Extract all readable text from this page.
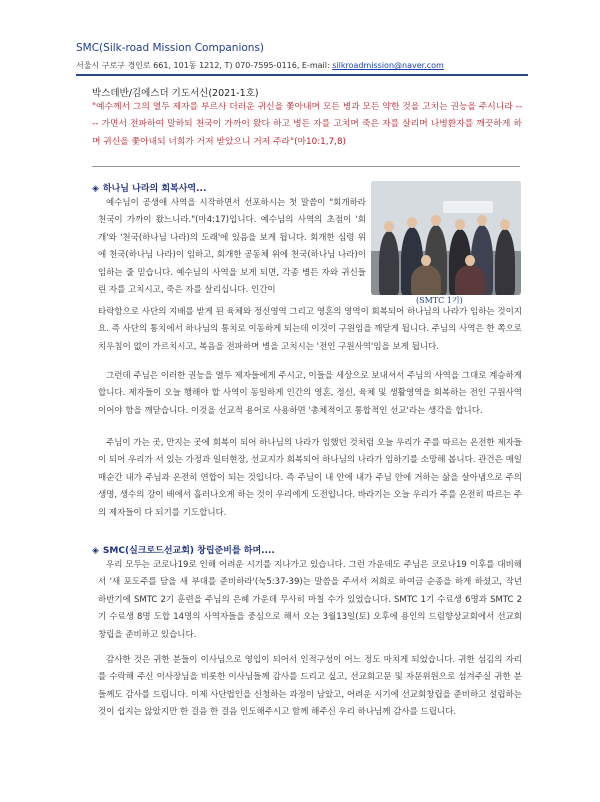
SMC(Silk-road Mission Companions)
서울시 구로구 경인로 661, 101동 1212, T) 070-7595-0116, E-mail: silkroadmission@naver.com
박스데반/김에스더 기도서신(2021-1호)

"예수께서 그의 열두 제자를 부르사 더러운 귀신을 쫓아내며 모든 병과 모든 약한 것을 고치는 권능을 주시니라 ---- 가면서 전파하여 말하되 천국이 가까이 왔다 하고 병든 자를 고치며 죽은 자를 살리며 나병환자를 깨끗하게 하며 귀신을 쫓아내되 너희가 거저 받았으니 거저 주라"(마10:1,7,8)

◈ 하나님 나라의 회복사역...

예수님이 공생애 사역을 시작하면서 선포하시는 첫 말씀이 "회개하라 천국이 가까이 왔느니라."(마4:17)입니다. 예수님의 사역의 초점이 '회개'와 '천국(하나님 나라)의 도래'에 있음을 보게 됩니다. 회개한 심령 위에 천국(하나님 나라)이 임하고, 회개한 공동체 위에 천국(하나님 나라)이 임하는 줄 믿습니다. 예수님의 사역을 보게 되면, 각종 병든 자와 귀신들린 자를 고치시고, 죽은 자를 살리십니다. 인간이

타락함으로 사단의 지배를 받게 된 육체와 정신영역 그리고 영혼의 영역이 회복되어 하나님의 나라가 임하는 것이지요. 즉 사단의 통치에서 하나님의 통치로 이동하게 되는데 이것이 구원임을 깨닫게 됩니다. 주님의 사역은 한 쪽으로 치우침이 없이 가르치시고, 복음을 전파하며 병을 고치시는 '전인 구원사역'임을 보게 됩니다.

그런데 주님은 이러한 권능을 열두 제자들에게 주시고, 이들을 세상으로 보내셔서 주님의 사역을 그대로 계승하게 합니다. 제자들이 오늘 행해야 할 사역이 동일하게 인간의 영혼, 정신, 육체 및 생활영역을 회복하는 전인 구원사역이어야 함을 깨닫습니다. 이것을 선교적 용어로 사용하면 '총체적이고 통합적인 선교'라는 생각을 합니다.

주님이 가는 곳, 만지는 곳에 회복이 되어 하나님의 나라가 임했던 것처럼 오늘 우리가 주를 따르는 온전한 제자들이 되어 우리가 서 있는 가정과 일터현장, 선교지가 회복되어 하나님의 나라가 임하기를 소망해 봅니다. 관건은 매일 매순간 내가 주님과 온전히 연합이 되는 것입니다. 즉 주님이 내 안에 내가 주님 안에 거하는 삶을 살아냄으로 주의 생명, 생수의 강이 배에서 흘러나오게 하는 것이 우리에게 도전입니다. 바라기는 오늘 우리가 주를 온전히 따르는 주의 제자들이 다 되기를 기도합니다.

(SMTC 1기)
◈ SMC(실크로드선교회) 창립준비를 하며....

우리 모두는 코로나19로 인해 어려운 시기를 지나가고 있습니다. 그런 가운데도 주님은 코로나19 이후를 대비해서 '새 포도주를 담을 새 부대를 준비하라'(눅5:37-39)는 말씀을 주셔서 저희로 하여금 순종을 하게 하셨고, 작년 하반기에 SMTC 2기 훈련을 주님의 은혜 가운데 무사히 마칠 수가 있었습니다. SMTC 1기 수료생 6명과 SMTC 2기 수료생 8명 도합 14명의 사역자들을 중심으로 해서 오는 3월13일(토) 오후에 용인의 드림향상교회에서 선교회창립을 준비하고 있습니다.

감사한 것은 귀한 분들이 이사님으로 영입이 되어서 인적구성이 어느 정도 마치게 되었습니다. 귀한 섬김의 자리를 수락해 주신 이사장님을 비롯한 이사님들께 감사를 드리고 싶고, 선교회고문 및 자문위원으로 섬겨주실 귀한 분들께도 감사를 드립니다. 이제 사단법인을 신청하는 과정이 남았고, 어려운 시기에 선교회창립을 준비하고 설립하는 것이 쉽지는 않았지만 한 걸음 한 걸음 인도해주시고 함께 해주신 우리 하나님께 감사를 드립니다.
